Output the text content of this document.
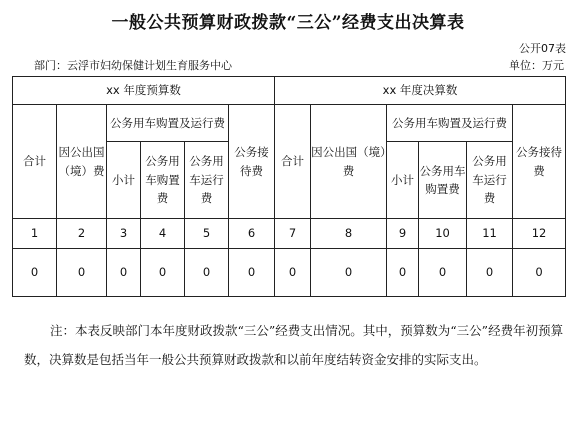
一般公共预算财政拨款“三公”经费支出决算表
公开07表
部门：云浮市妇幼保健计划生育服务中心	单位：万元
xx 年度预算数						xx 年度决算数					
合计	因公出国（境）费	公务用车购置及运行费			公务接待费	合计	因公出国（境）费	公务用车购置及运行费			公务接待费
		小计	公务用车购置费	公务用车运行费				小计	公务用车购置费	公务用车运行费	
1	2	3	4	5	6	7	8	9	10	11	12
0	0	0	0	0	0	0	0	0	0	0	0
注：本表反映部门本年度财政拨款“三公”经费支出情况。其中，预算数为“三公”经费年初预算数，决算数是包括当年一般公共预算财政拨款和以前年度结转资金安排的实际支出。
